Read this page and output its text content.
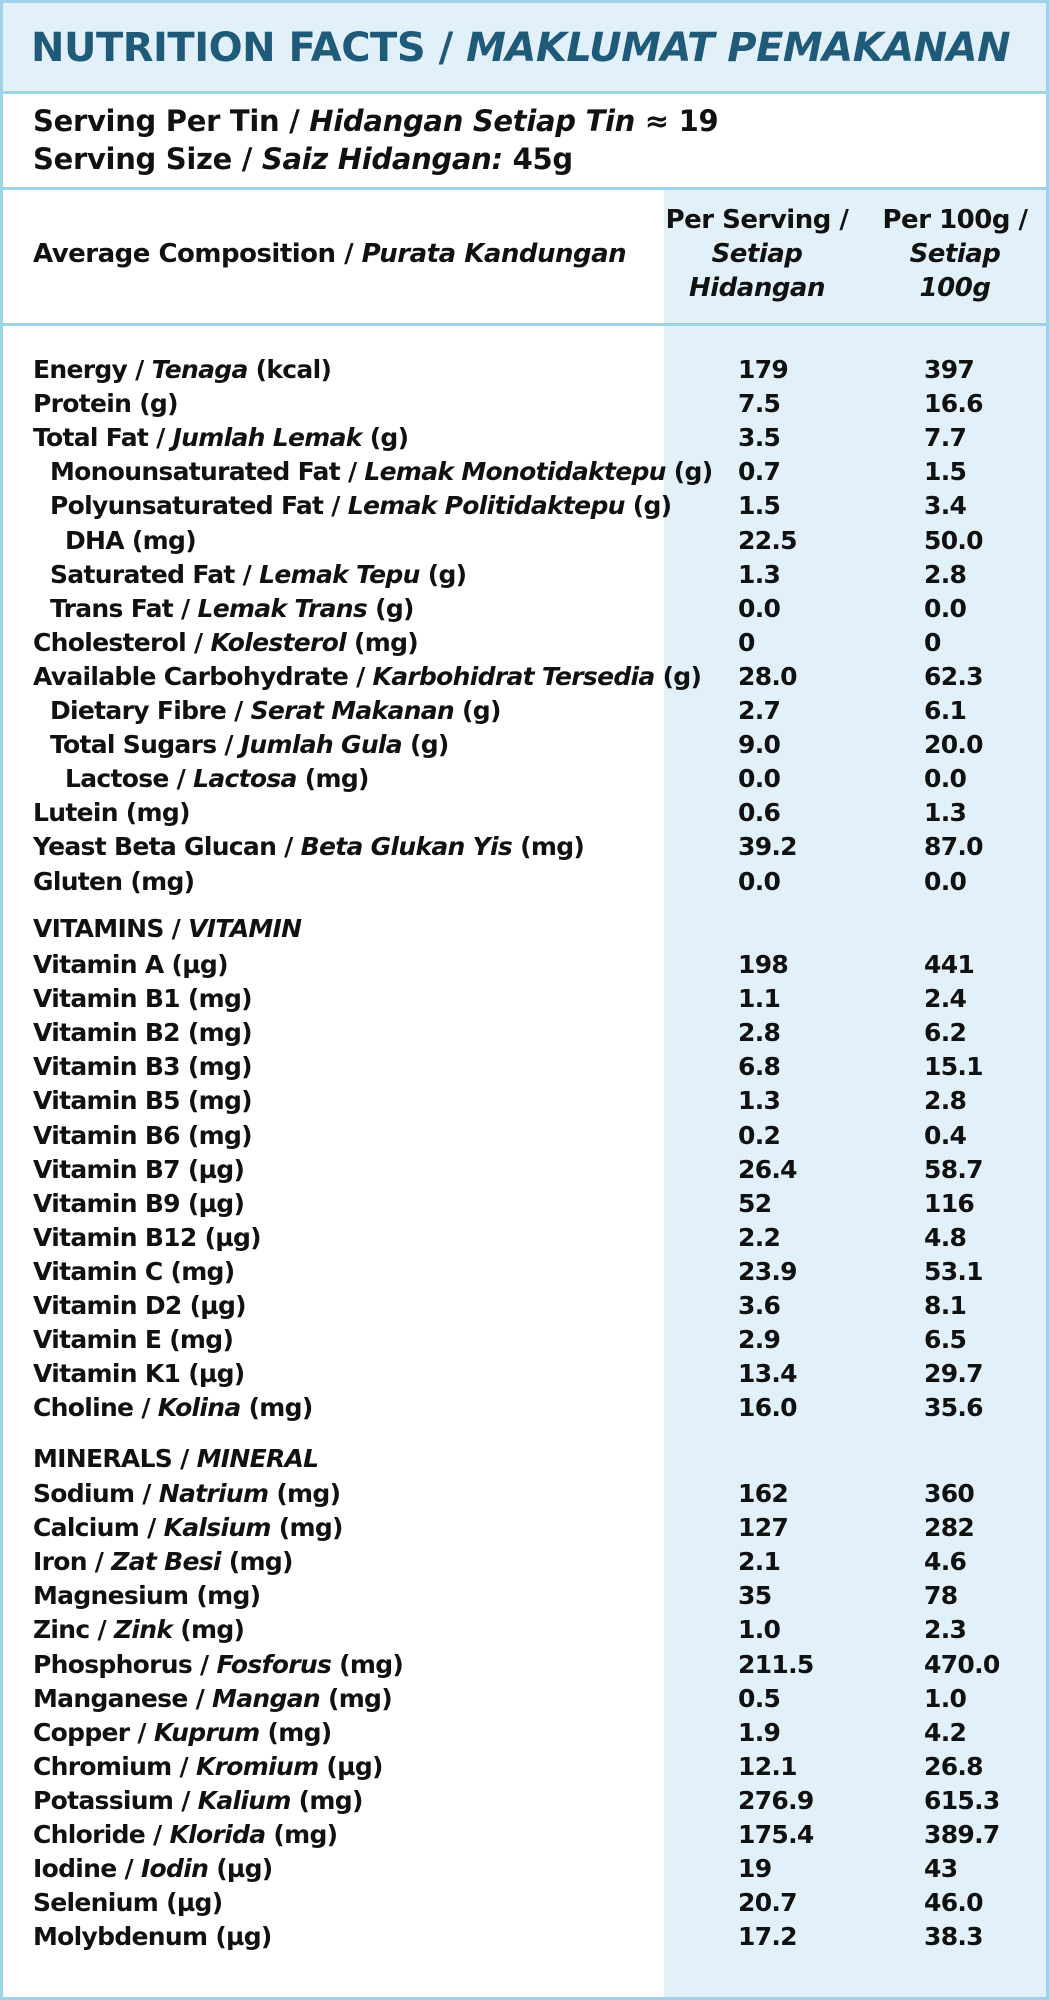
NUTRITION FACTS / MAKLUMAT PEMAKANAN
Serving Per Tin / Hidangan Setiap Tin ≈ 19
Serving Size / Saiz Hidangan: 45g
Average Composition / Purata Kandungan
Per Serving /
Setiap
Hidangan
Per 100g /
Setiap
100g
Energy / Tenaga (kcal)	179	397
Protein (g)	7.5	16.6
Total Fat / Jumlah Lemak (g)	3.5	7.7
Monounsaturated Fat / Lemak Monotidaktepu (g) 0.7	1.5
Polyunsaturated Fat / Lemak Politidaktepu (g)	1.5	3.4
DHA (mg)	22.5	50.0
Saturated Fat / Lemak Tepu (g)	1.3	2.8
Trans Fat / Lemak Trans (g)	0.0	0.0
Cholesterol / Kolesterol (mg)	0	0
Available Carbohydrate / Karbohidrat Tersedia (g) 28.0	62.3
Dietary Fibre / Serat Makanan (g)	2.7	6.1
Total Sugars / Jumlah Gula (g)	9.0	20.0
Lactose / Lactosa (mg)	0.0	0.0
Lutein (mg)	0.6	1.3
Yeast Beta Glucan / Beta Glukan Yis (mg)	39.2	87.0
Gluten (mg)	0.0	0.0
VITAMINS / VITAMIN
Vitamin A (µg)	198	441
Vitamin B1 (mg)	1.1	2.4
Vitamin B2 (mg)	2.8	6.2
Vitamin B3 (mg)	6.8	15.1
Vitamin B5 (mg)	1.3	2.8
Vitamin B6 (mg)	0.2	0.4
Vitamin B7 (µg)	26.4	58.7
Vitamin B9 (µg)	52	116
Vitamin B12 (µg)	2.2	4.8
Vitamin C (mg)	23.9	53.1
Vitamin D2 (µg)	3.6	8.1
Vitamin E (mg)	2.9	6.5
Vitamin K1 (µg)	13.4	29.7
Choline / Kolina (mg)	16.0	35.6
MINERALS / MINERAL
Sodium / Natrium (mg)	162	360
Calcium / Kalsium (mg)	127	282
Iron / Zat Besi (mg)	2.1	4.6
Magnesium (mg)	35	78
Zinc / Zink (mg)	1.0	2.3
Phosphorus / Fosforus (mg)	211.5	470.0
Manganese / Mangan (mg)	0.5	1.0
Copper / Kuprum (mg)	1.9	4.2
Chromium / Kromium (µg)	12.1	26.8
Potassium / Kalium (mg)	276.9	615.3
Chloride / Klorida (mg)	175.4	389.7
Iodine / Iodin (µg)	19	43
Selenium (µg)	20.7	46.0
Molybdenum (µg)	17.2	38.3
